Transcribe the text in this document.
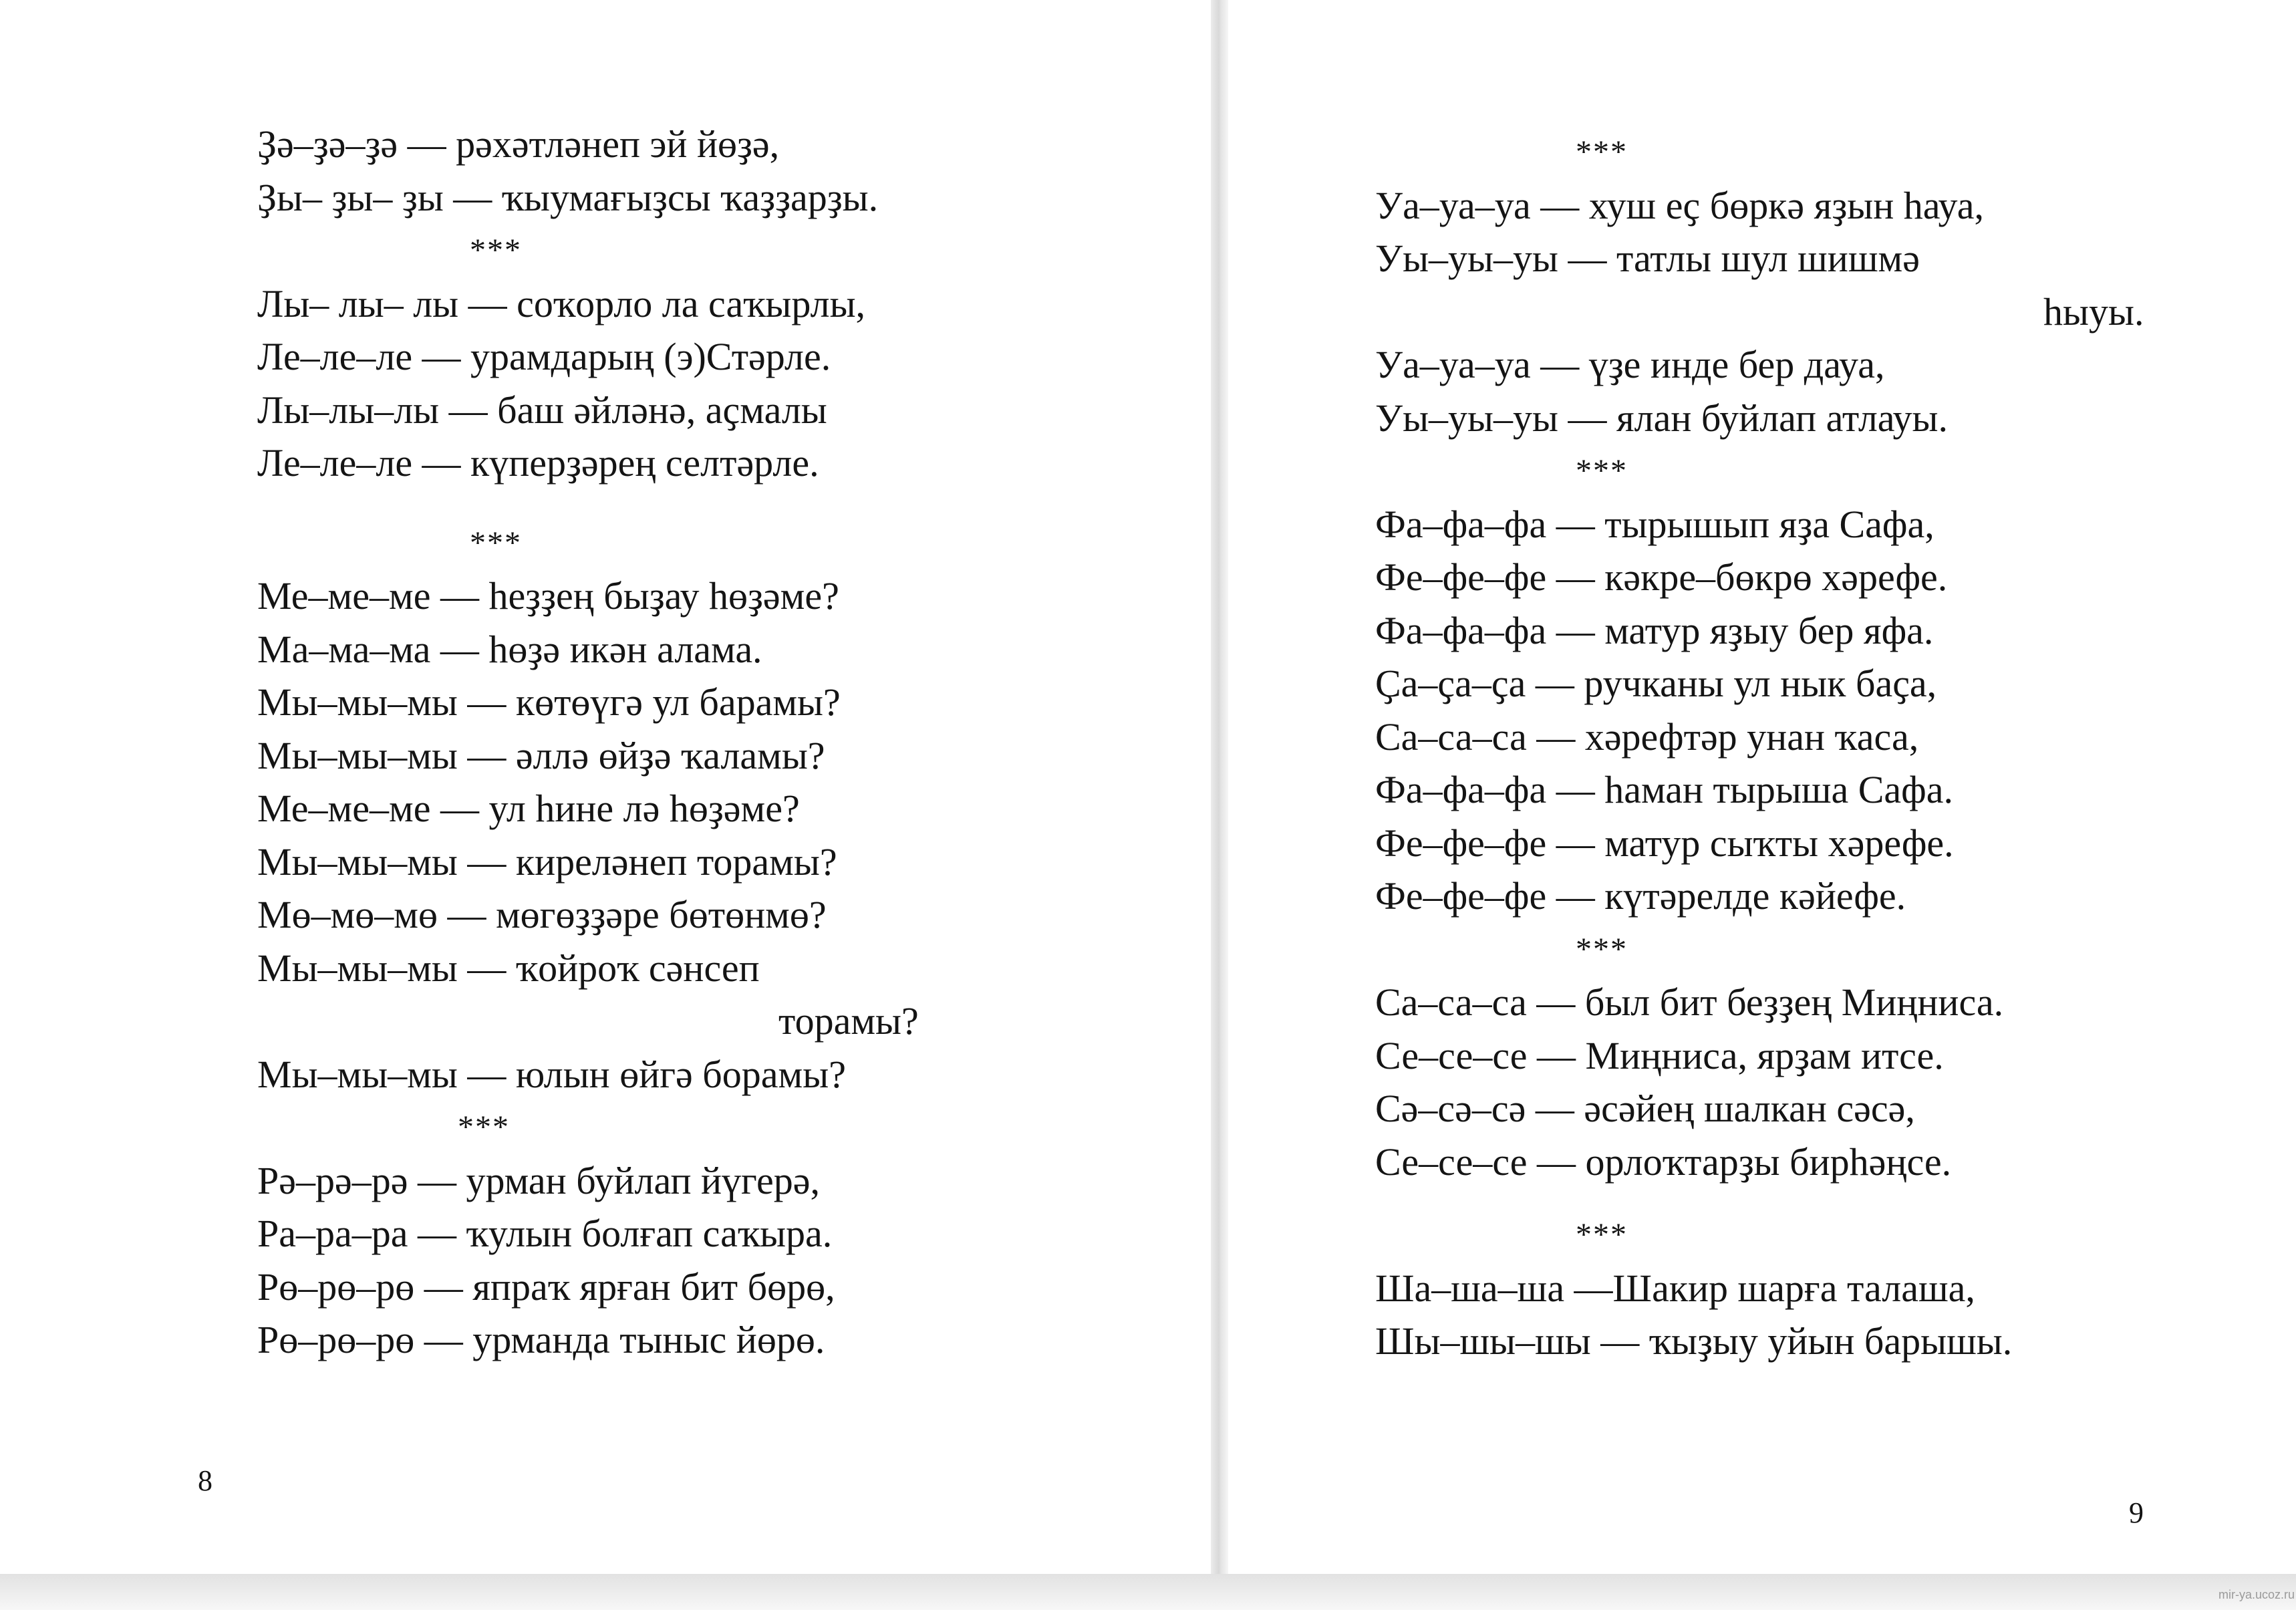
Ҙә–ҙә–ҙә — рәхәтләнеп эй йөҙә,
Ҙы– ҙы– ҙы — ҡыумағыҙсы ҡаҙҙарҙы.
***
Лы– лы– лы — соҡорло ла саҡырлы,
Ле–ле–ле — урамдарың (э)Стәрле.
Лы–лы–лы — баш әйләнә, аҫмалы
Ле–ле–ле — күперҙәрең селтәрле.
***
Ме–ме–ме — һеҙҙең быҙау һөҙәме?
Ма–ма–ма — һөҙә икән алама.
Мы–мы–мы — көтөүгә ул барамы?
Мы–мы–мы — әллә өйҙә ҡаламы?
Ме–ме–ме — ул һине лә һөҙәме?
Мы–мы–мы — киреләнеп торамы?
Мө–мө–мө — мөгөҙҙәре бөтөнмө?
Мы–мы–мы — ҡойроҡ сәнсеп
торамы?
Мы–мы–мы — юлын өйгә борамы?
***
Рә–рә–рә — урман буйлап йүгерә,
Ра–ра–ра — ҡулын болғап саҡыра.
Рө–рө–рө — япраҡ ярған бит бөрө,
Рө–рө–рө — урманда тыныс йөрө.
8
***
Уа–уа–уа — хуш еҫ бөркә яҙын һауа,
Уы–уы–уы — татлы шул шишмә
һыуы.
Уа–уа–уа — үҙе инде бер дауа,
Уы–уы–уы — ялан буйлап атлауы.
***
Фа–фа–фа — тырышып яҙа Сафа,
Фе–фе–фе — кәкре–бөкрө хәрефе.
Фа–фа–фа — матур яҙыу бер яфа.
Ҫа–ҫа–ҫа — ручканы ул нык баҫа,
Са–са–са — хәрефтәр унан ҡаса,
Фа–фа–фа — һаман тырыша Сафа.
Фе–фе–фе — матур сыҡты хәрефе.
Фе–фе–фе — күтәрелде кәйефе.
***
Са–са–са — был бит беҙҙең Миңниса.
Се–се–се — Миңниса, ярҙам итсе.
Сә–сә–сә — әсәйең шалкан сәсә,
Се–се–се — орлоҡтарҙы бирһәңсе.
***
Ша–ша–ша —Шакир шарға талаша,
Шы–шы–шы — ҡыҙыу уйын барышы.
9
mir-ya.ucoz.ru
